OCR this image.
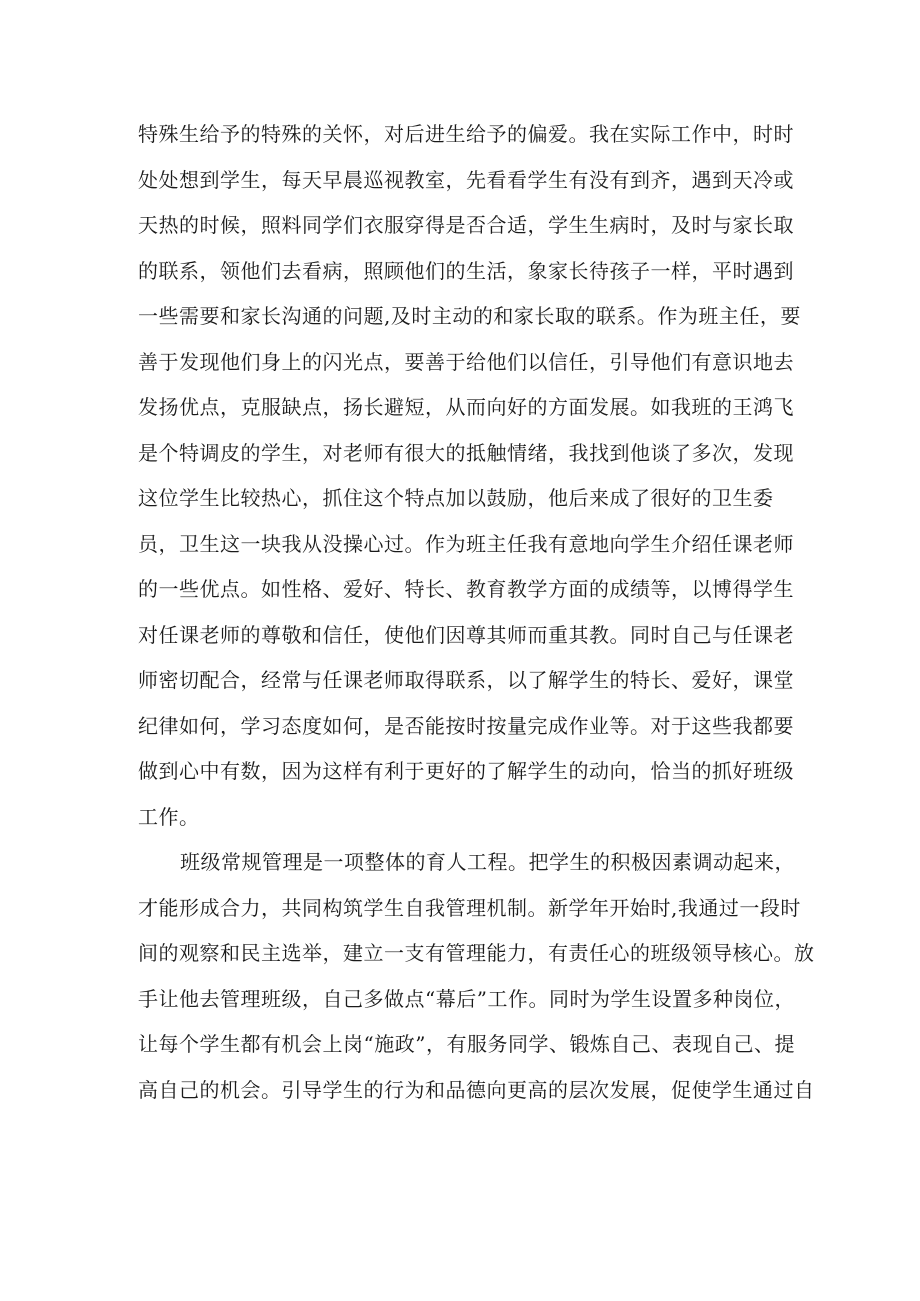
特殊生给予的特殊的关怀，对后进生给予的偏爱。我在实际工作中，时时
处处想到学生，每天早晨巡视教室，先看看学生有没有到齐，遇到天冷或
天热的时候，照料同学们衣服穿得是否合适，学生生病时，及时与家长取
的联系，领他们去看病，照顾他们的生活，象家长待孩子一样，平时遇到
一些需要和家长沟通的问题,及时主动的和家长取的联系。作为班主任，要
善于发现他们身上的闪光点，要善于给他们以信任，引导他们有意识地去
发扬优点，克服缺点，扬长避短，从而向好的方面发展。如我班的王鸿飞
是个特调皮的学生，对老师有很大的抵触情绪，我找到他谈了多次，发现
这位学生比较热心，抓住这个特点加以鼓励，他后来成了很好的卫生委
员，卫生这一块我从没操心过。作为班主任我有意地向学生介绍任课老师
的一些优点。如性格、爱好、特长、教育教学方面的成绩等，以博得学生
对任课老师的尊敬和信任，使他们因尊其师而重其教。同时自己与任课老
师密切配合，经常与任课老师取得联系，以了解学生的特长、爱好，课堂
纪律如何，学习态度如何，是否能按时按量完成作业等。对于这些我都要
做到心中有数，因为这样有利于更好的了解学生的动向，恰当的抓好班级
工作。
班级常规管理是一项整体的育人工程。把学生的积极因素调动起来，
才能形成合力，共同构筑学生自我管理机制。新学年开始时,我通过一段时
间的观察和民主选举，建立一支有管理能力，有责任心的班级领导核心。放
手让他去管理班级，自己多做点“幕后”工作。同时为学生设置多种岗位，
让每个学生都有机会上岗“施政”，有服务同学、锻炼自己、表现自己、提
高自己的机会。引导学生的行为和品德向更高的层次发展，促使学生通过自
